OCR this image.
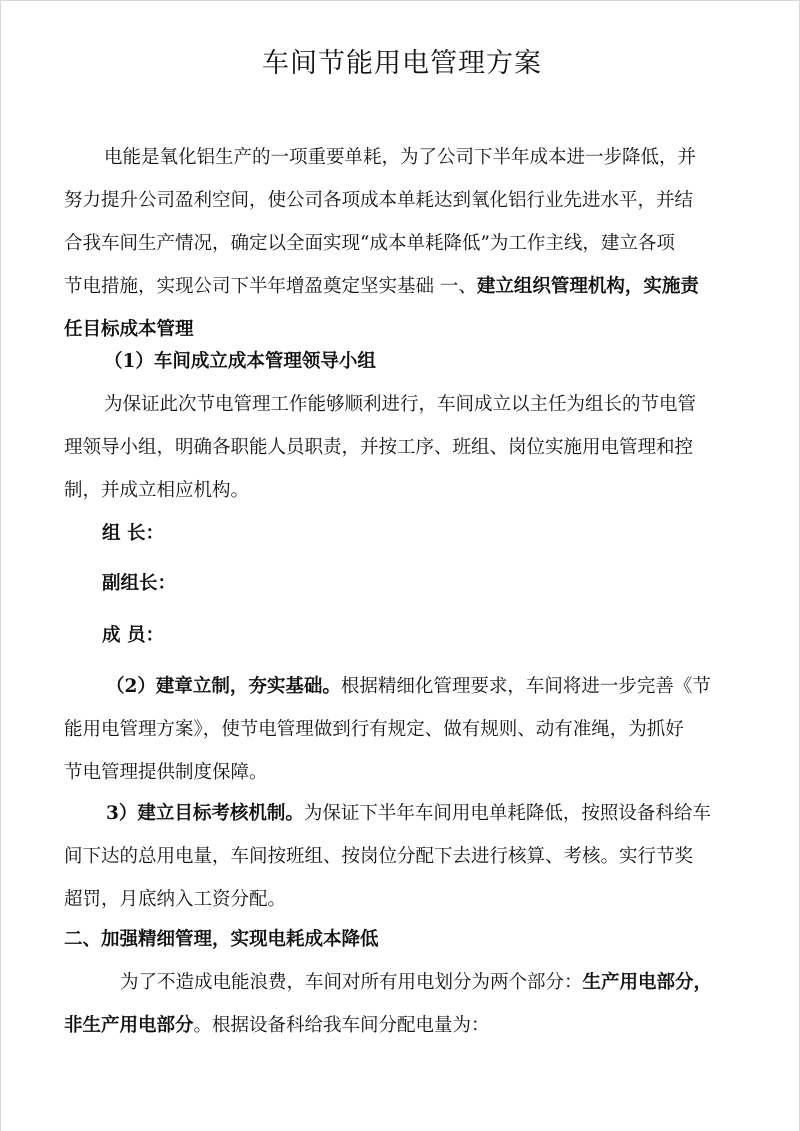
车间节能用电管理方案
电能是氧化铝生产的一项重要单耗，为了公司下半年成本进一步降低，并
努力提升公司盈利空间，使公司各项成本单耗达到氧化铝行业先进水平，并结
合我车间生产情况，确定以全面实现“成本单耗降低”为工作主线，建立各项
节电措施，实现公司下半年增盈奠定坚实基础 一、建立组织管理机构，实施责
任目标成本管理
（1）车间成立成本管理领导小组
为保证此次节电管理工作能够顺利进行，车间成立以主任为组长的节电管
理领导小组，明确各职能人员职责，并按工序、班组、岗位实施用电管理和控
制，并成立相应机构。
组 长：
副组长：
成 员：
（2）建章立制，夯实基础。根据精细化管理要求，车间将进一步完善《节
能用电管理方案》，使节电管理做到行有规定、做有规则、动有准绳，为抓好
节电管理提供制度保障。
3）建立目标考核机制。为保证下半年车间用电单耗降低，按照设备科给车
间下达的总用电量，车间按班组、按岗位分配下去进行核算、考核。实行节奖
超罚，月底纳入工资分配。
二、加强精细管理，实现电耗成本降低
为了不造成电能浪费，车间对所有用电划分为两个部分：生产用电部分，
非生产用电部分。根据设备科给我车间分配电量为：
